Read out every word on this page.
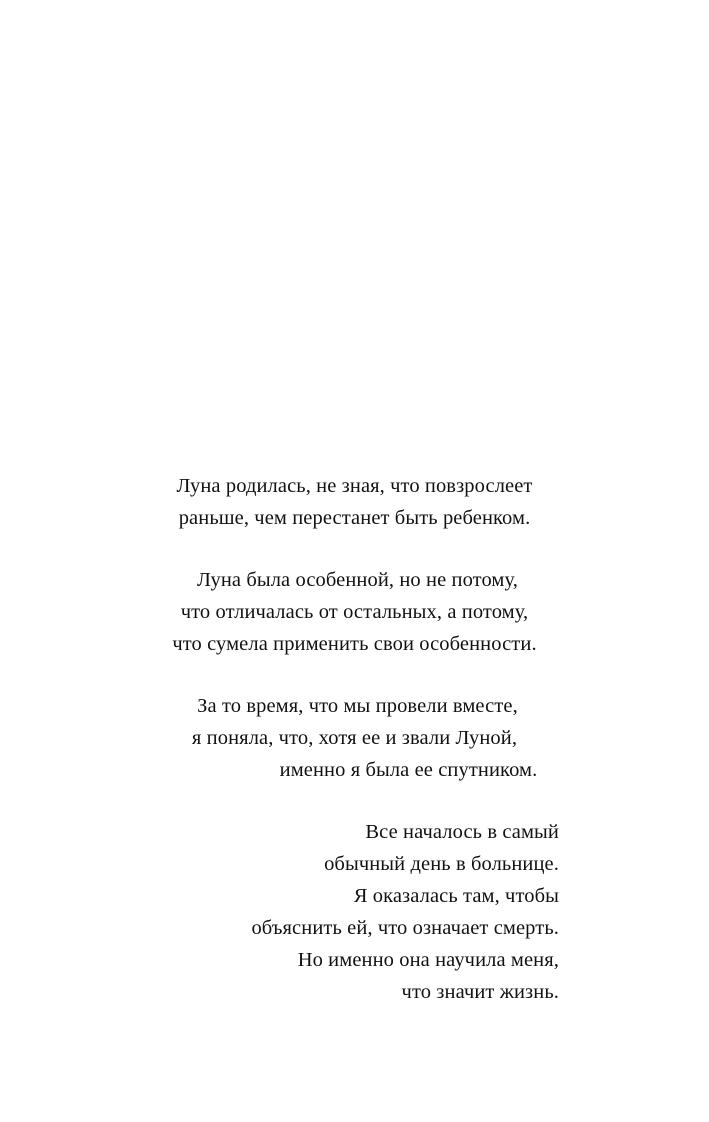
Луна родилась, не зная, что повзрослеет
раньше, чем перестанет быть ребенком.
Луна была особенной, но не потому,
что отличалась от остальных, а потому,
что сумела применить свои особенности.
За то время, что мы провели вместе,
я поняла, что, хотя ее и звали Луной,
именно я была ее спутником.
Все началось в самый
обычный день в больнице.
Я оказалась там, чтобы
объяснить ей, что означает смерть.
Но именно она научила меня,
что значит жизнь.
